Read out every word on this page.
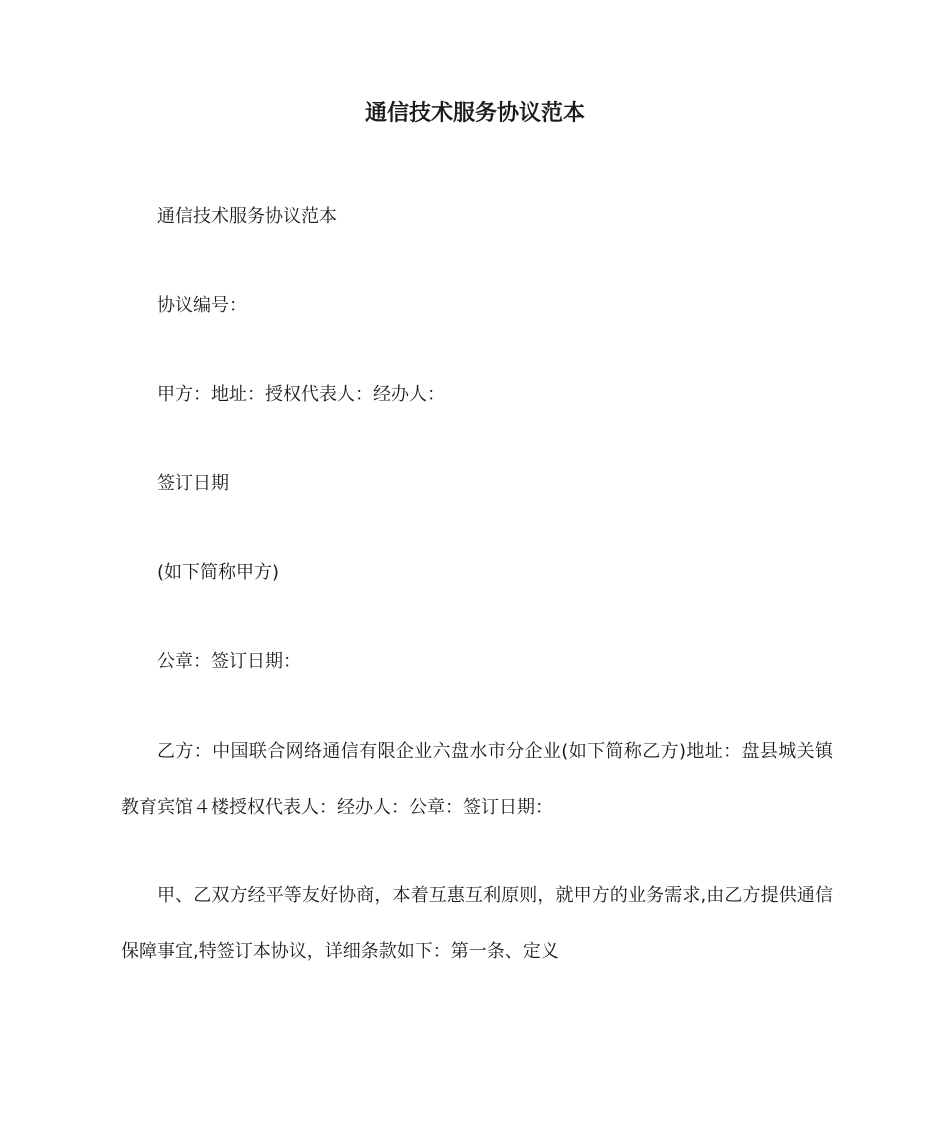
通信技术服务协议范本
通信技术服务协议范本
协议编号：
甲方：地址：授权代表人：经办人：
签订日期
(如下简称甲方)
公章：签订日期：
乙方：中国联合网络通信有限企业六盘水市分企业(如下简称乙方)地址：盘县城关镇教育宾馆４楼授权代表人：经办人：公章：签订日期：
甲、乙双方经平等友好协商，本着互惠互利原则，就甲方的业务需求,由乙方提供通信保障事宜,特签订本协议，详细条款如下：第一条、定义
